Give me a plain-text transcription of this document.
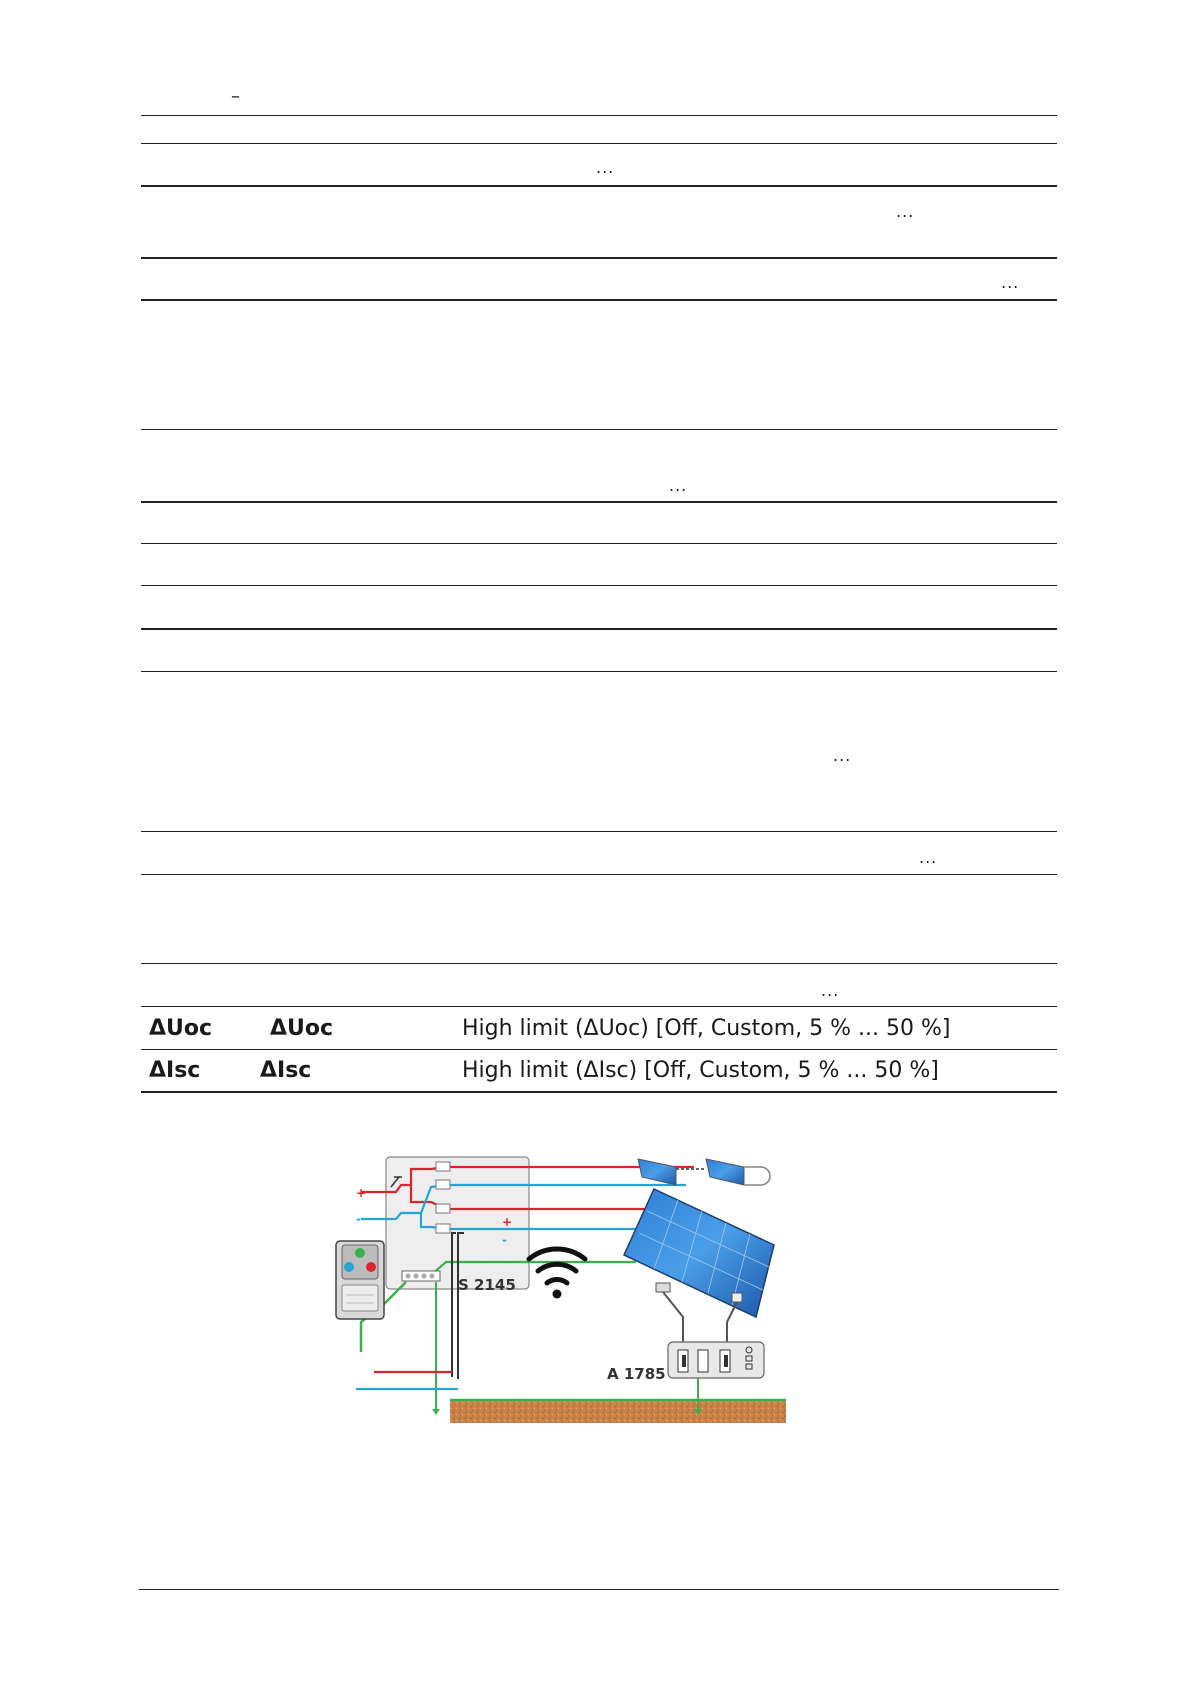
–
...
...
...
...
...
...
...
ΔUoc	ΔUoc	High limit (ΔUoc) [Off, Custom, 5 % ... 50 %]
ΔIsc	ΔIsc	High limit (ΔIsc) [Off, Custom, 5 % ... 50 %]
+
-	+
-
S 2145
A 1785
